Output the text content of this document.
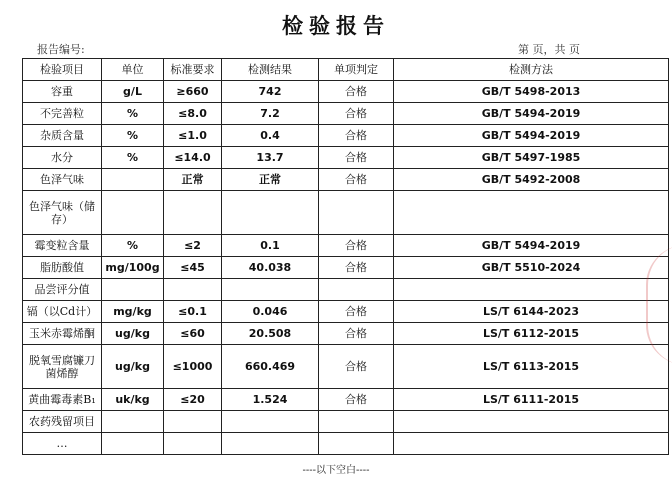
检验报告
报告编号:	第 页，共 页
检验项目	单位	标准要求	检测结果	单项判定	检测方法
容重	g/L	≥660	742	合格	GB/T 5498-2013
不完善粒	%	≤8.0	7.2	合格	GB/T 5494-2019
杂质含量	%	≤1.0	0.4	合格	GB/T 5494-2019
水分	%	≤14.0	13.7	合格	GB/T 5497-1985
色泽气味		正常	正常	合格	GB/T 5492-2008
色泽气味（储存）					
霉变粒含量	%	≤2	0.1	合格	GB/T 5494-2019
脂肪酸值	mg/100g	≤45	40.038	合格	GB/T 5510-2024
品尝评分值					
镉（以Cd计）	mg/kg	≤0.1	0.046	合格	LS/T 6144-2023
玉米赤霉烯酮	ug/kg	≤60	20.508	合格	LS/T 6112-2015
脱氧雪腐镰刀菌烯醇	ug/kg	≤1000	660.469	合格	LS/T 6113-2015
黄曲霉毒素B₁	uk/kg	≤20	1.524	合格	LS/T 6111-2015
农药残留项目					
…					
----以下空白----
